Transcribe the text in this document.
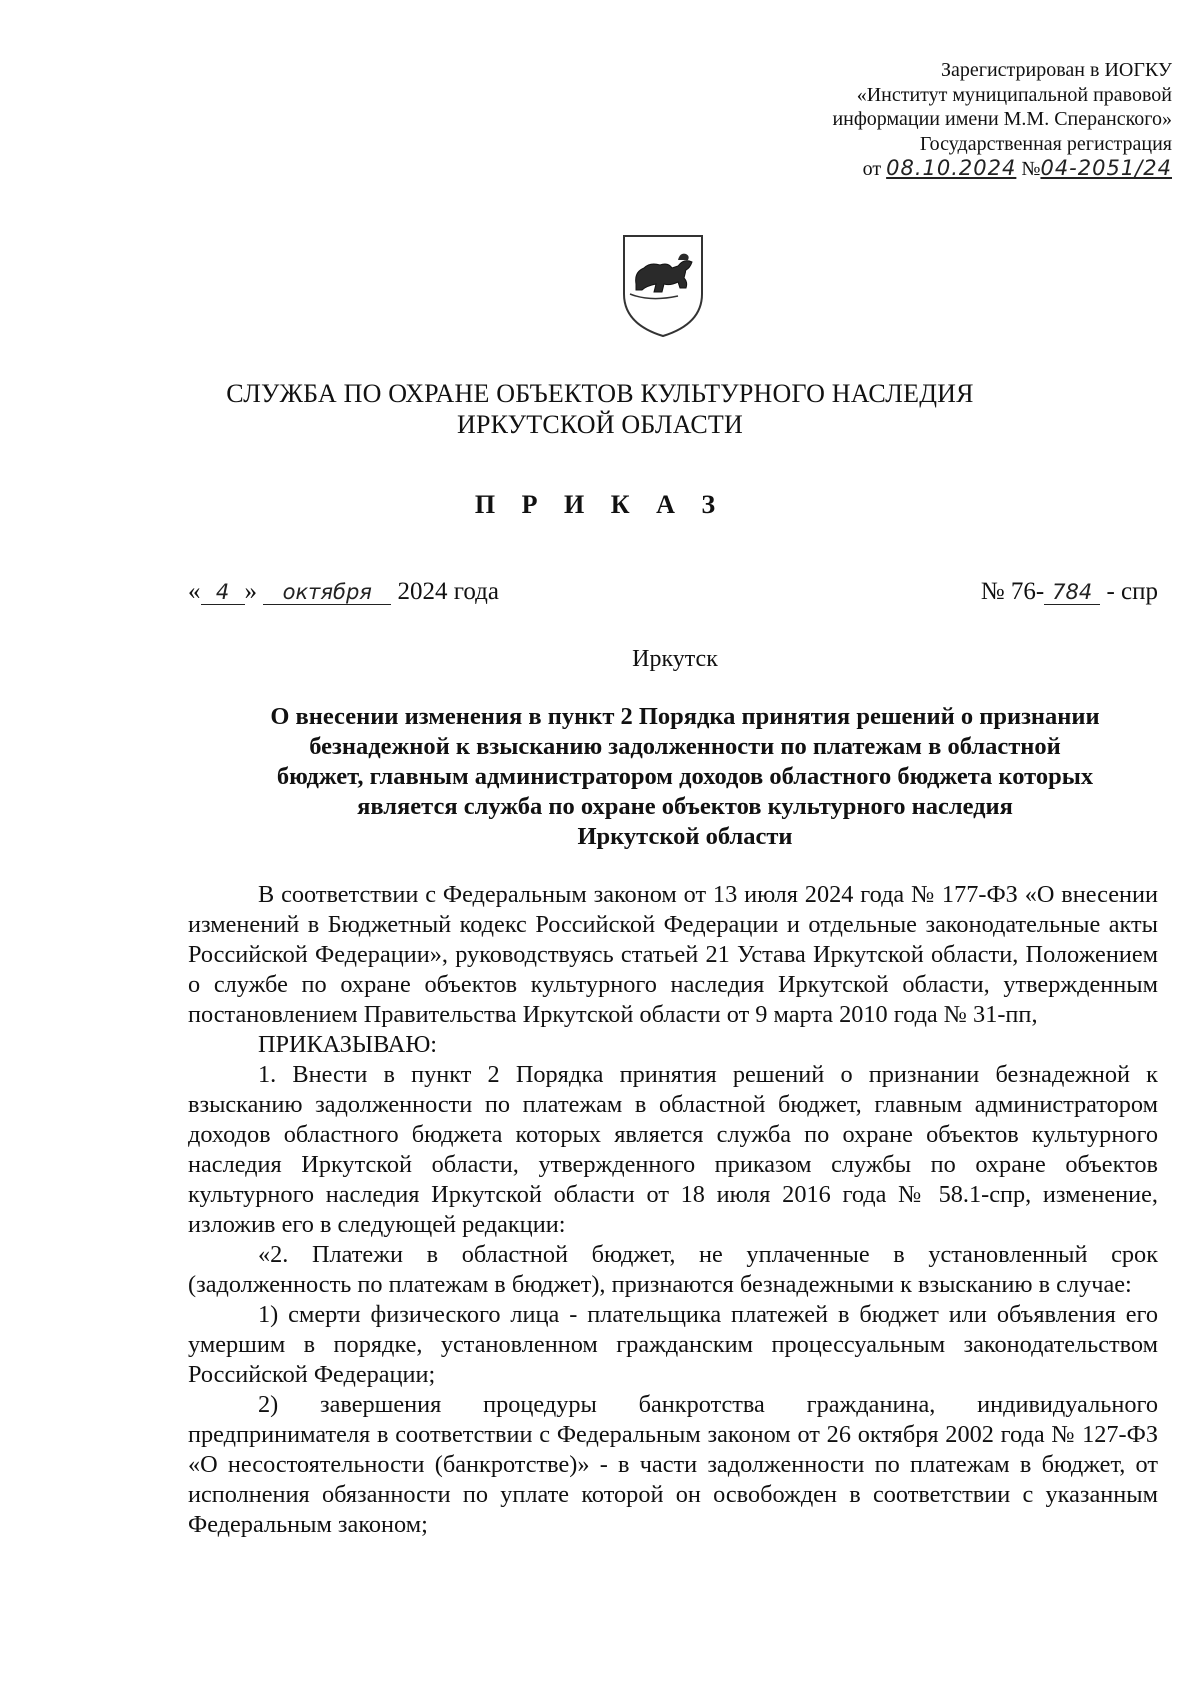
Зарегистрирован в ИОГКУ
«Институт муниципальной правовой
информации имени М.М. Сперанского»
Государственная регистрация
от 08.10.2024 №04-2051/24
СЛУЖБА ПО ОХРАНЕ ОБЪЕКТОВ КУЛЬТУРНОГО НАСЛЕДИЯ
ИРКУТСКОЙ ОБЛАСТИ
П Р И К А З
« 4 » октября 2024 года	№ 76- 784 - спр
Иркутск
О внесении изменения в пункт 2 Порядка принятия решений о признании
безнадежной к взысканию задолженности по платежам в областной
бюджет, главным администратором доходов областного бюджета которых
является служба по охране объектов культурного наследия
Иркутской области

В соответствии с Федеральным законом от 13 июля 2024 года № 177-ФЗ «О внесении изменений в Бюджетный кодекс Российской Федерации и отдельные законодательные акты Российской Федерации», руководствуясь статьей 21 Устава Иркутской области, Положением о службе по охране объектов культурного наследия Иркутской области, утвержденным постановлением Правительства Иркутской области от 9 марта 2010 года № 31-пп,

ПРИКАЗЫВАЮ:

1. Внести в пункт 2 Порядка принятия решений о признании безнадежной к взысканию задолженности по платежам в областной бюджет, главным администратором доходов областного бюджета которых является служба по охране объектов культурного наследия Иркутской области, утвержденного приказом службы по охране объектов культурного наследия Иркутской области от 18 июля 2016 года № 58.1-спр, изменение, изложив его в следующей редакции:

«2. Платежи в областной бюджет, не уплаченные в установленный срок (задолженность по платежам в бюджет), признаются безнадежными к взысканию в случае:

1) смерти физического лица - плательщика платежей в бюджет или объявления его умершим в порядке, установленном гражданским процессуальным законодательством Российской Федерации;

2) завершения процедуры банкротства гражданина, индивидуального предпринимателя в соответствии с Федеральным законом от 26 октября 2002 года № 127-ФЗ «О несостоятельности (банкротстве)» - в части задолженности по платежам в бюджет, от исполнения обязанности по уплате которой он освобожден в соответствии с указанным Федеральным законом;
